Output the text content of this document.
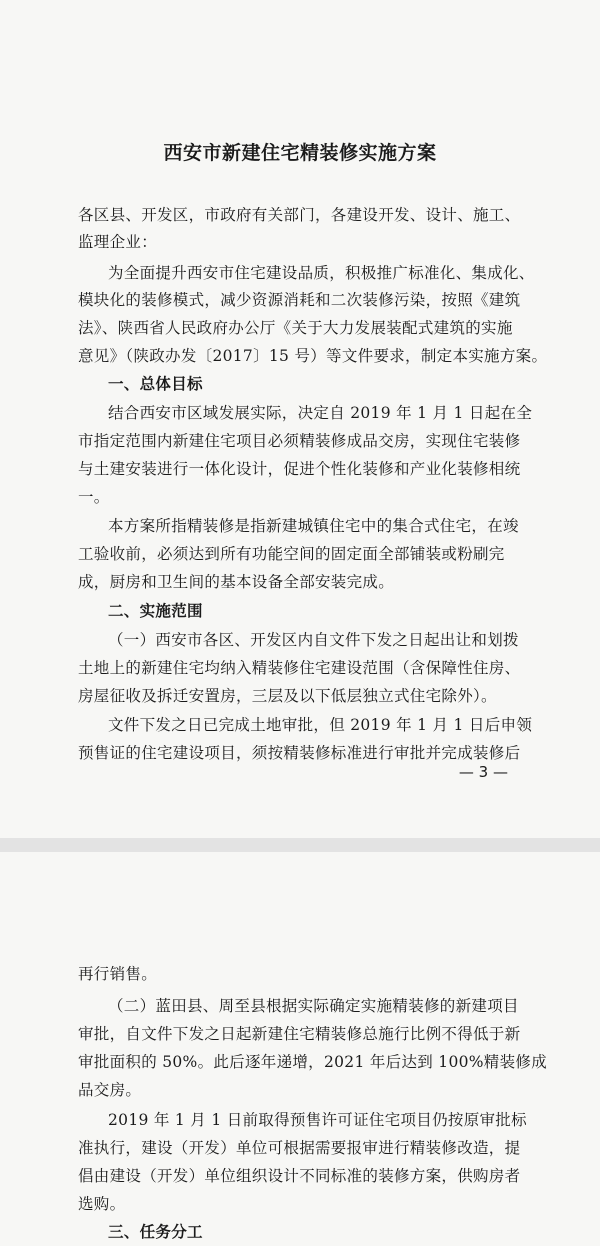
西安市新建住宅精装修实施方案
各区县、开发区，市政府有关部门，各建设开发、设计、施工、
监理企业：
为全面提升西安市住宅建设品质，积极推广标准化、集成化、
模块化的装修模式，减少资源消耗和二次装修污染，按照《建筑
法》、陕西省人民政府办公厅《关于大力发展装配式建筑的实施
意见》（陕政办发〔2017〕15 号）等文件要求，制定本实施方案。
一、总体目标
结合西安市区域发展实际，决定自 2019 年 1 月 1 日起在全
市指定范围内新建住宅项目必须精装修成品交房，实现住宅装修
与土建安装进行一体化设计，促进个性化装修和产业化装修相统
一。
本方案所指精装修是指新建城镇住宅中的集合式住宅，在竣
工验收前，必须达到所有功能空间的固定面全部铺装或粉刷完
成，厨房和卫生间的基本设备全部安装完成。
二、实施范围
（一）西安市各区、开发区内自文件下发之日起出让和划拨
土地上的新建住宅均纳入精装修住宅建设范围（含保障性住房、
房屋征收及拆迁安置房，三层及以下低层独立式住宅除外）。
文件下发之日已完成土地审批，但 2019 年 1 月 1 日后申领
预售证的住宅建设项目，须按精装修标准进行审批并完成装修后
— 3 —
再行销售。
（二）蓝田县、周至县根据实际确定实施精装修的新建项目
审批，自文件下发之日起新建住宅精装修总施行比例不得低于新
审批面积的 50%。此后逐年递增，2021 年后达到 100%精装修成
品交房。
2019 年 1 月 1 日前取得预售许可证住宅项目仍按原审批标
准执行，建设（开发）单位可根据需要报审进行精装修改造，提
倡由建设（开发）单位组织设计不同标准的装修方案，供购房者
选购。
三、任务分工
